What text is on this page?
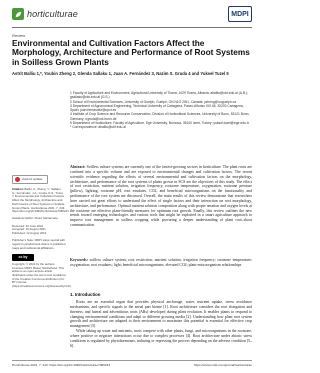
horticulturae	MDPI
Review
Environmental and Cultivation Factors Affect the Morphology, Architecture and Performance of Root Systems in Soilless Grown Plants
Astrit Balliu 1,*, Youbin Zheng 2, Glenda Sallaku 1, Juan A. Fernández 3, Nazim S. Gruda 4 and Yuksel Tuzel 5
1 Faculty of Agriculture and Environment, Agricultural University of Tirana, 1029 Tirana, Albania; aballiu@ubt.edu.al (A.B.); gsallaku@ubt.edu.al (G.S.)
2 School of Environmental Sciences, University of Guelph, Guelph, ON N1G 2W1, Canada; yzheng@uoguelph.ca
3 Department of Agronomical Engineering, Technical University of Cartagena, Paseo Alfonso XIII 48, 30203 Cartagena, Spain; juan.fernandez@upct.es
4 Institute of Crop Science and Resource Conservation, Division of Horticultural Sciences, University of Bonn, 53121 Bonn, Germany; ngruda@uni-bonn.de
5 Department of Horticulture, Faculty of Agriculture, Ege University, Bornova, 35100 İzmir, Turkey; yuksel.tuzel@ege.edu.tr
* Correspondence: aballiu@ubt.edu.al
check for updates
Citation: Balliu, A.; Zheng, Y.; Sallaku, G.; Fernández, J.A.; Gruda, N.S.; Tuzel, Y. Environmental and Cultivation Factors Affect the Morphology, Architecture and Performance of Root Systems in Soilless Grown Plants. Horticulturae 2021, 7, 243. https://doi.org/10.3390/horticulturae7080243
Academic Editor: Pietro Santamaria
Received: 30 June 2021
Accepted: 10 August 2021
Published: 12 August 2021
Publisher's Note: MDPI stays neutral with regard to jurisdictional claims in published maps and institutional affiliations.
cc by
Copyright: © 2021 by the authors. Licensee MDPI, Basel, Switzerland. This article is an open access article distributed under the terms and conditions of the Creative Commons Attribution (CC BY) license (https://creativecommons.org/licenses/by/4.0/).
Abstract: Soilless culture systems are currently one of the fastest-growing sectors in horticulture. The plant roots are confined into a specific volume and are exposed to environmental changes and cultivation factors. The recent scientific evidence regarding the effects of several environmental and cultivation factors on the morphology, architecture, and performance of the root systems of plants grown in SCS are the objectives of this study. The effect of root restriction, nutrient solution, irrigation frequency, rootzone temperature, oxygenation, rootzone pressure (pillow), lighting, rootzone pH, root exudates, CO2, and beneficial microorganisms on the functionality and performance of the root system are discussed. Overall, the main results of this review demonstrate that researchers have carried out great efforts to understand the effect of single factors and their interaction on root morphology, architecture, and performance. Optimal nutrient solution composition along with proper aeration and oxygen levels at the rootzone are effective plant-friendly measures for optimum root growth. Finally, this review outlines the new trends toward emerging technologies and various tools that might be exploited in a smart agriculture approach to improve root management in soilless cropping while procuring a deeper understanding of plant root–shoot communication.
Keywords: soilless culture system; root restriction; nutrient solution; irrigation frequency; rootzone temperature; oxygenation; root exudates; light; beneficial microorganisms; elevated CO2; plant-microorganism relationships
1. Introduction
Roots are an essential organ that provides physical anchorage, water, nutrient uptake, stress avoidance mechanisms, and specific signals to the aerial part biome [1]. Root architecture considers the root elongation and fineness, and lateral and adventitious roots (ARs) developed during plant evolution. It enables plants to respond to changing environmental conditions and adapt to different growing media [2]. Understanding how plant root system growth and architecture are adapted to their environment to maximize this potential is essential for effective crop management [3].
While taking up water and nutrients, roots compete with other plants, fungi, and microorganisms in the rootzone, where positive or negative interactions occur due to complex processes [4]. Root architecture under abiotic stress conditions is regulated by phytohormones, inducing or repressing the process depending on the adverse condition [5–6].
Horticulturae 2021, 7, 243. https://doi.org/10.3390/horticulturae7080243	https://www.mdpi.com/journal/horticulturae
